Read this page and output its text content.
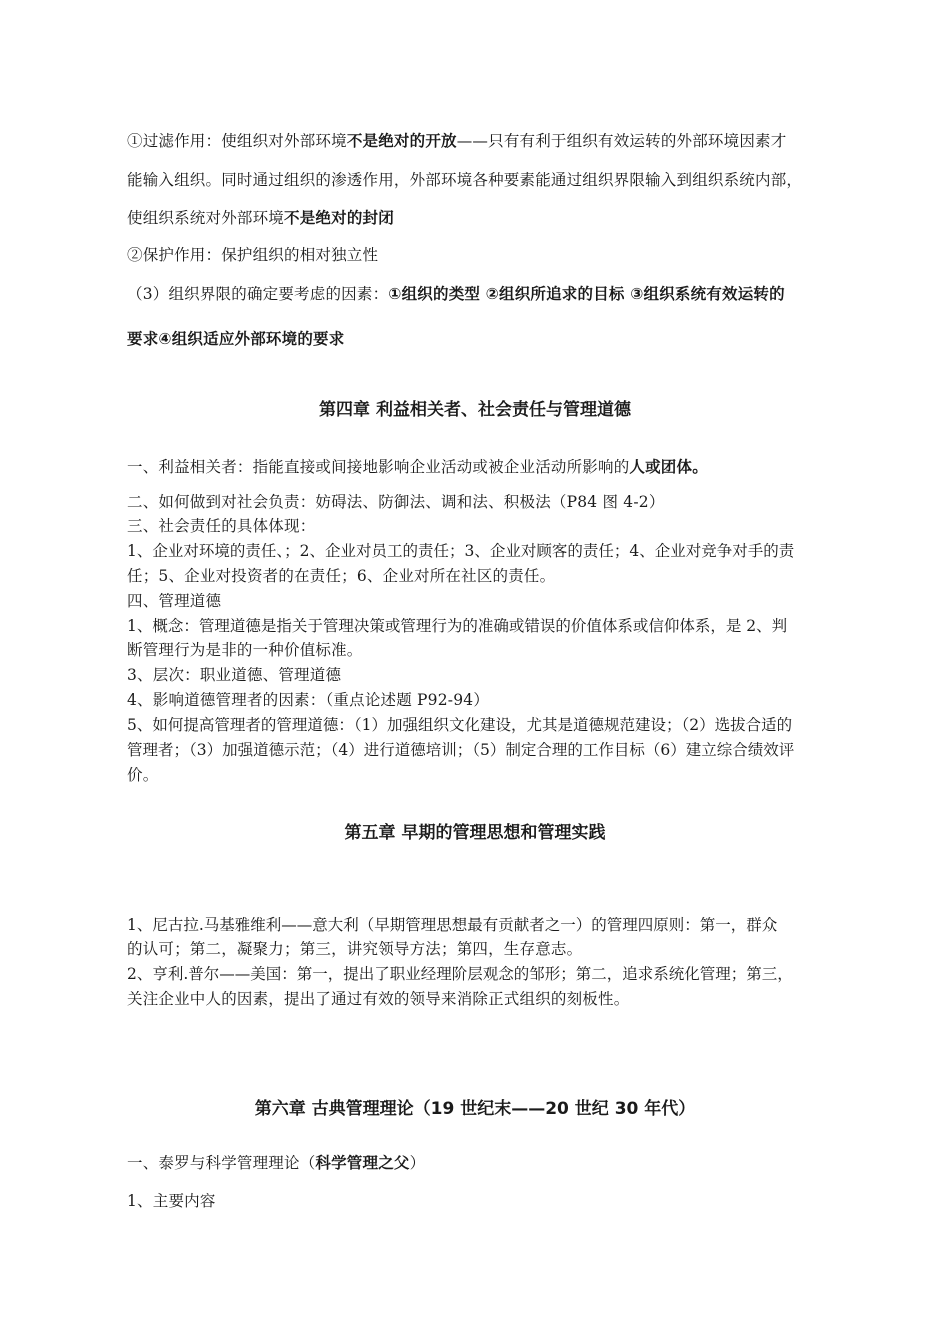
①过滤作用：使组织对外部环境不是绝对的开放——只有有利于组织有效运转的外部环境因素才

能输入组织。同时通过组织的渗透作用，外部环境各种要素能通过组织界限输入到组织系统内部，

使组织系统对外部环境不是绝对的封闭

②保护作用：保护组织的相对独立性

（3）组织界限的确定要考虑的因素：①组织的类型 ②组织所追求的目标 ③组织系统有效运转的

要求④组织适应外部环境的要求

第四章 利益相关者、社会责任与管理道德

一、利益相关者：指能直接或间接地影响企业活动或被企业活动所影响的人或团体。

二、如何做到对社会负责：妨碍法、防御法、调和法、积极法（P84 图 4-2）

三、社会责任的具体体现：

1、企业对环境的责任、；2、企业对员工的责任；3、企业对顾客的责任；4、企业对竞争对手的责

任；5、企业对投资者的在责任；6、企业对所在社区的责任。

四、管理道德

1、概念：管理道德是指关于管理决策或管理行为的准确或错误的价值体系或信仰体系，是 2、判

断管理行为是非的一种价值标准。

3、层次：职业道德、管理道德

4、影响道德管理者的因素：（重点论述题 P92-94）

5、如何提高管理者的管理道德：（1）加强组织文化建设，尤其是道德规范建设；（2）选拔合适的

管理者；（3）加强道德示范；（4）进行道德培训；（5）制定合理的工作目标（6）建立综合绩效评

价。

第五章 早期的管理思想和管理实践

1、尼古拉.马基雅维利——意大利（早期管理思想最有贡献者之一）的管理四原则：第一，群众

的认可；第二，凝聚力；第三，讲究领导方法；第四，生存意志。

2、亨利.普尔——美国：第一，提出了职业经理阶层观念的邹形；第二，追求系统化管理；第三，

关注企业中人的因素，提出了通过有效的领导来消除正式组织的刻板性。

第六章 古典管理理论（19 世纪末——20 世纪 30 年代）

一、泰罗与科学管理理论（科学管理之父）

1、主要内容
